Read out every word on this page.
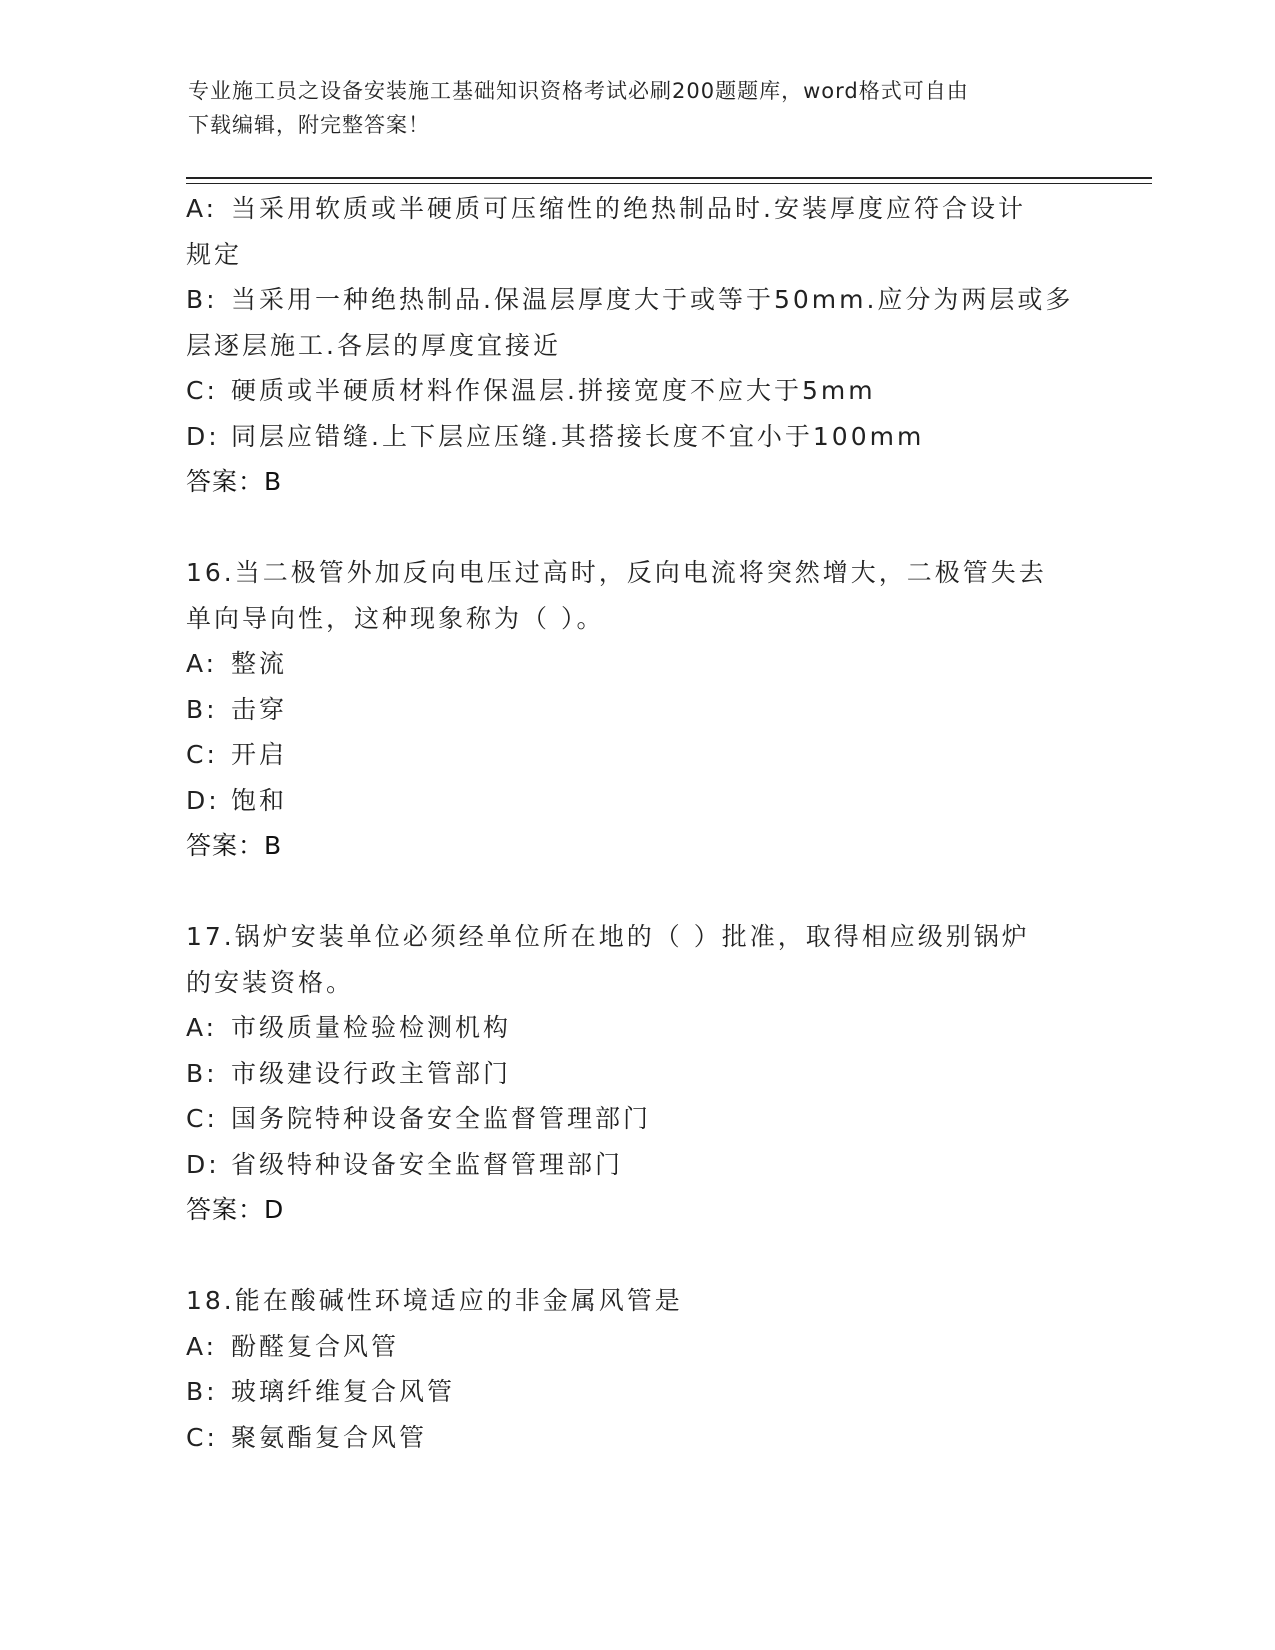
专业施工员之设备安装施工基础知识资格考试必刷200题题库，word格式可自由
下载编辑，附完整答案！
A: 当采用软质或半硬质可压缩性的绝热制品时.安装厚度应符合设计
规定
B: 当采用一种绝热制品.保温层厚度大于或等于50mm.应分为两层或多
层逐层施工.各层的厚度宜接近
C: 硬质或半硬质材料作保温层.拼接宽度不应大于5mm
D: 同层应错缝.上下层应压缝.其搭接长度不宜小于100mm
答案：B
16.当二极管外加反向电压过高时，反向电流将突然增大，二极管失去
单向导向性，这种现象称为（ ）。
A: 整流
B: 击穿
C: 开启
D: 饱和
答案：B
17.锅炉安装单位必须经单位所在地的（ ）批准，取得相应级别锅炉
的安装资格。
A: 市级质量检验检测机构
B: 市级建设行政主管部门
C: 国务院特种设备安全监督管理部门
D: 省级特种设备安全监督管理部门
答案：D
18.能在酸碱性环境适应的非金属风管是
A: 酚醛复合风管
B: 玻璃纤维复合风管
C: 聚氨酯复合风管
